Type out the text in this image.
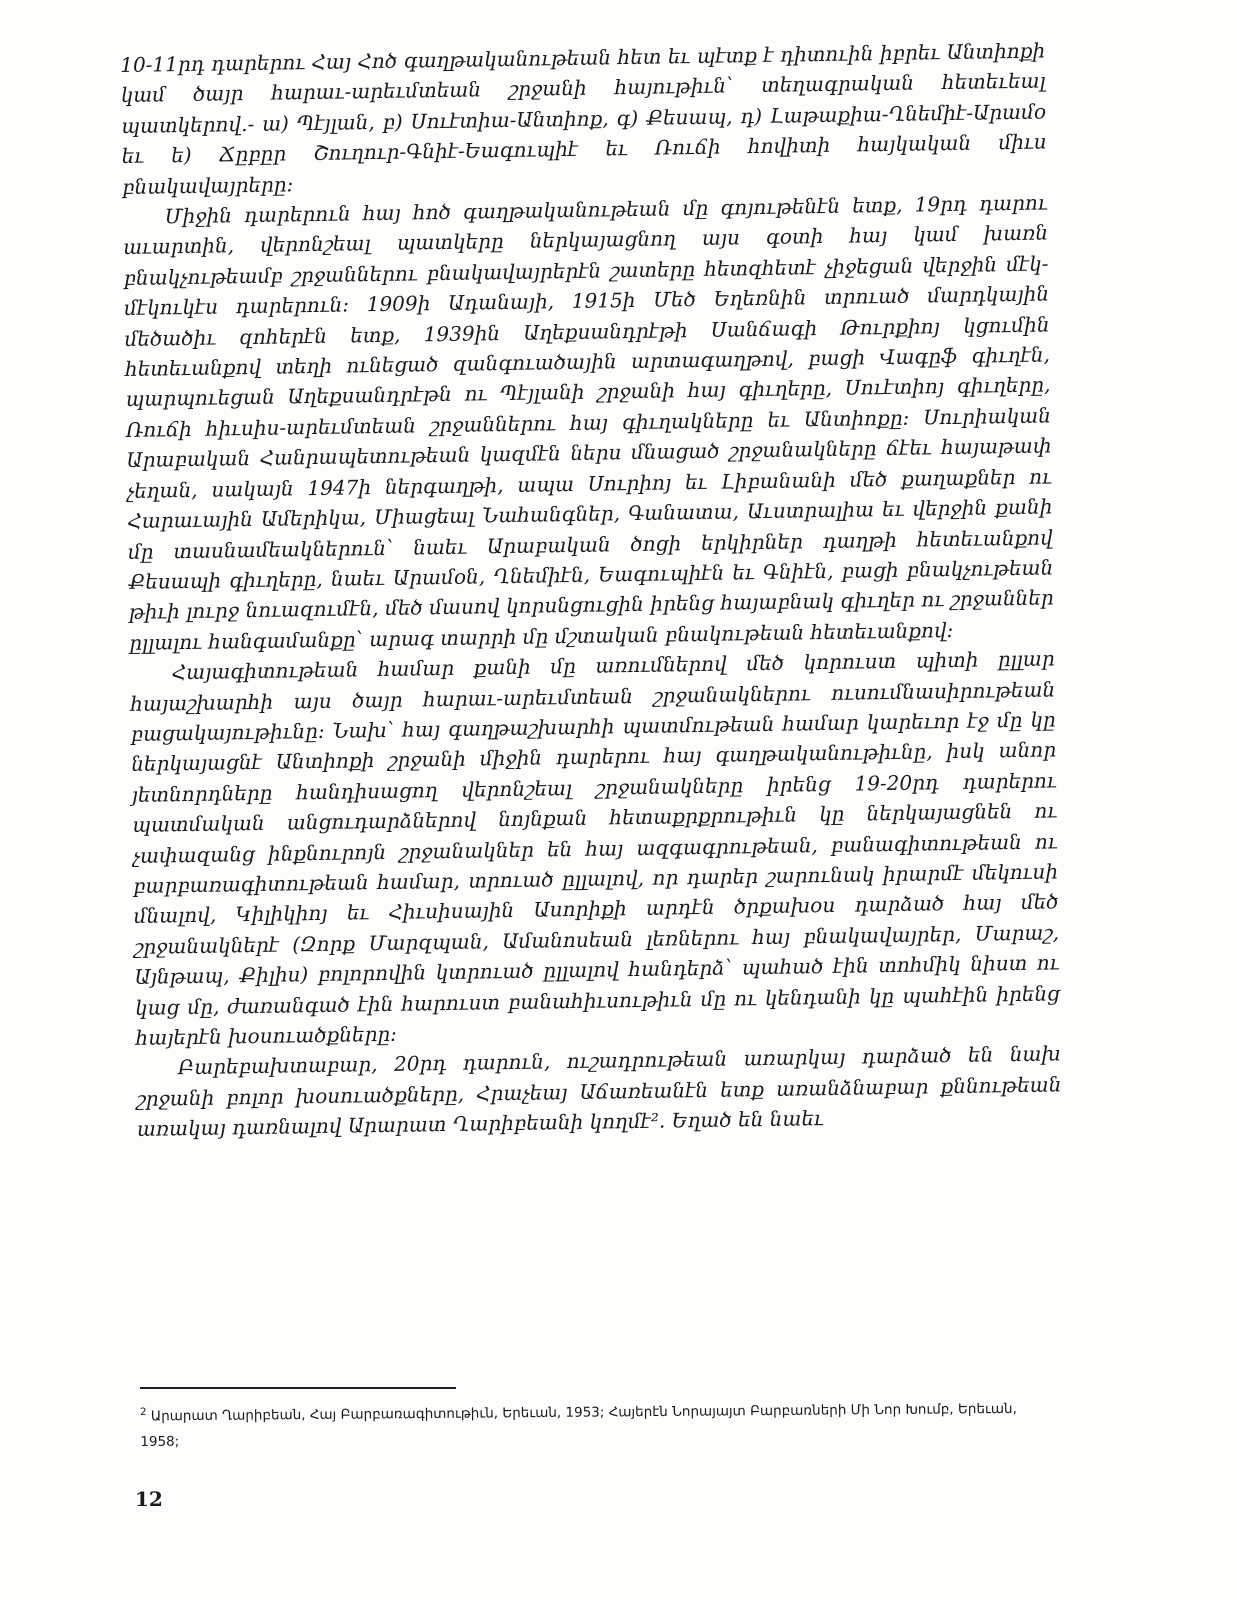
10-11րդ դարերու Հայ Հոծ գաղթականութեան հետ եւ պէտք է դիտուին իբրեւ Անտիոքի կամ ծայր հարաւ-արեւմտեան շրջանի հայութիւն՝ տեղագրական հետեւեալ պատկերով.- ա) Պէյլան, բ) Սուէտիա-Անտիոք, գ) Քեսապ, դ) Լաթաքիա-Ղնեմիէ-Արամօ եւ ե) Ճըբըր Շուղուր-Գնիէ-Եագուպիէ եւ Ռուճի հովիտի հայկական միւս բնակավայրերը:

Միջին դարերուն հայ հոծ գաղթականութեան մը գոյութենէն ետք, 19րդ դարու աւարտին, վերոնշեալ պատկերը ներկայացնող այս գօտի հայ կամ խառն բնակչութեամբ շրջաններու բնակավայրերէն շատերը հետզհետէ չիջեցան վերջին մէկ-մէկուկէս դարերուն: 1909ի Ադանայի, 1915ի Մեծ Եղեռնին տրուած մարդկային մեծածիւ զոհերէն ետք, 1939ին Աղեքսանդրէթի Սանճագի Թուրքիոյ կցումին հետեւանքով տեղի ունեցած զանգուածային արտագաղթով, բացի Վագըֆ գիւղէն, պարպուեցան Աղեքսանդրէթն ու Պէյլանի շրջանի հայ գիւղերը, Սուէտիոյ գիւղերը, Ռուճի հիւսիս-արեւմտեան շրջաններու հայ գիւղակները եւ Անտիոքը: Սուրիական Արաբական Հանրապետութեան կազմէն ներս մնացած շրջանակները ճէեւ հայաթափ չեղան, սակայն 1947ի ներգաղթի, ապա Սուրիոյ եւ Լիբանանի մեծ քաղաքներ ու Հարաւային Ամերիկա, Միացեալ Նահանգներ, Գանատա, Աւստրալիա եւ վերջին քանի մը տասնամեակներուն՝ նաեւ Արաբական ծոցի երկիրներ դաղթի հետեւանքով Քեսապի գիւղերը, նաեւ Արամօն, Ղնեմիէն, Եագուպիէն եւ Գնիէն, բացի բնակչութեան թիւի լուրջ նուազումէն, մեծ մասով կորսնցուցին իրենց հայաբնակ գիւղեր ու շրջաններ ըլլալու հանգամանքը՝ արագ տարրի մը մշտական բնակութեան հետեւանքով:

Հայագիտութեան համար քանի մը առումներով մեծ կորուստ պիտի ըլլար հայաշխարհի այս ծայր հարաւ-արեւմտեան շրջանակներու ուսումնասիրութեան բացակայութիւնը: Նախ՝ հայ գաղթաշխարհի պատմութեան համար կարեւոր էջ մը կը ներկայացնէ Անտիոքի շրջանի միջին դարերու հայ գաղթականութիւնը, իսկ անոր յետնորդները հանդիսացող վերոնշեալ շրջանակները իրենց 19-20րդ դարերու պատմական անցուդարձներով նոյնքան հետաքրքրութիւն կը ներկայացնեն ու չափազանց ինքնուրոյն շրջանակներ են հայ ազգագրութեան, բանագիտութեան ու բարբառագիտութեան համար, տրուած ըլլալով, որ դարեր շարունակ իրարմէ մեկուսի մնալով, Կիլիկիոյ եւ Հիւսիսային Ասորիքի արդէն ծրքախօս դարձած հայ մեծ շրջանակներէ (Զորք Մարզպան, Ամանոսեան լեռներու հայ բնակավայրեր, Մարաշ, Այնթապ, Քիլիս) բոլորովին կտրուած ըլլալով հանդերձ՝ պահած էին տոհմիկ նիստ ու կաց մը, ժառանգած էին հարուստ բանահիւսութիւն մը ու կենդանի կը պահէին իրենց հայերէն խօսուածքները:

Բարեբախտաբար, 20րդ դարուն, ուշադրութեան առարկայ դարձած են նախ շրջանի բոլոր խօսուածքները, Հրաչեայ Աճառեանէն ետք առանձնաբար քննութեան առակայ դառնալով Արարատ Ղարիբեանի կողմէ². Եղած են նաեւ

$^2$ Արարատ Ղարիբեան, Հայ Բարբառագիտութիւն, Երեւան, 1953; Հայերէն Նորայայտ Բարբառների Մի Նոր Խումբ, Երեւան, 1958;
12
